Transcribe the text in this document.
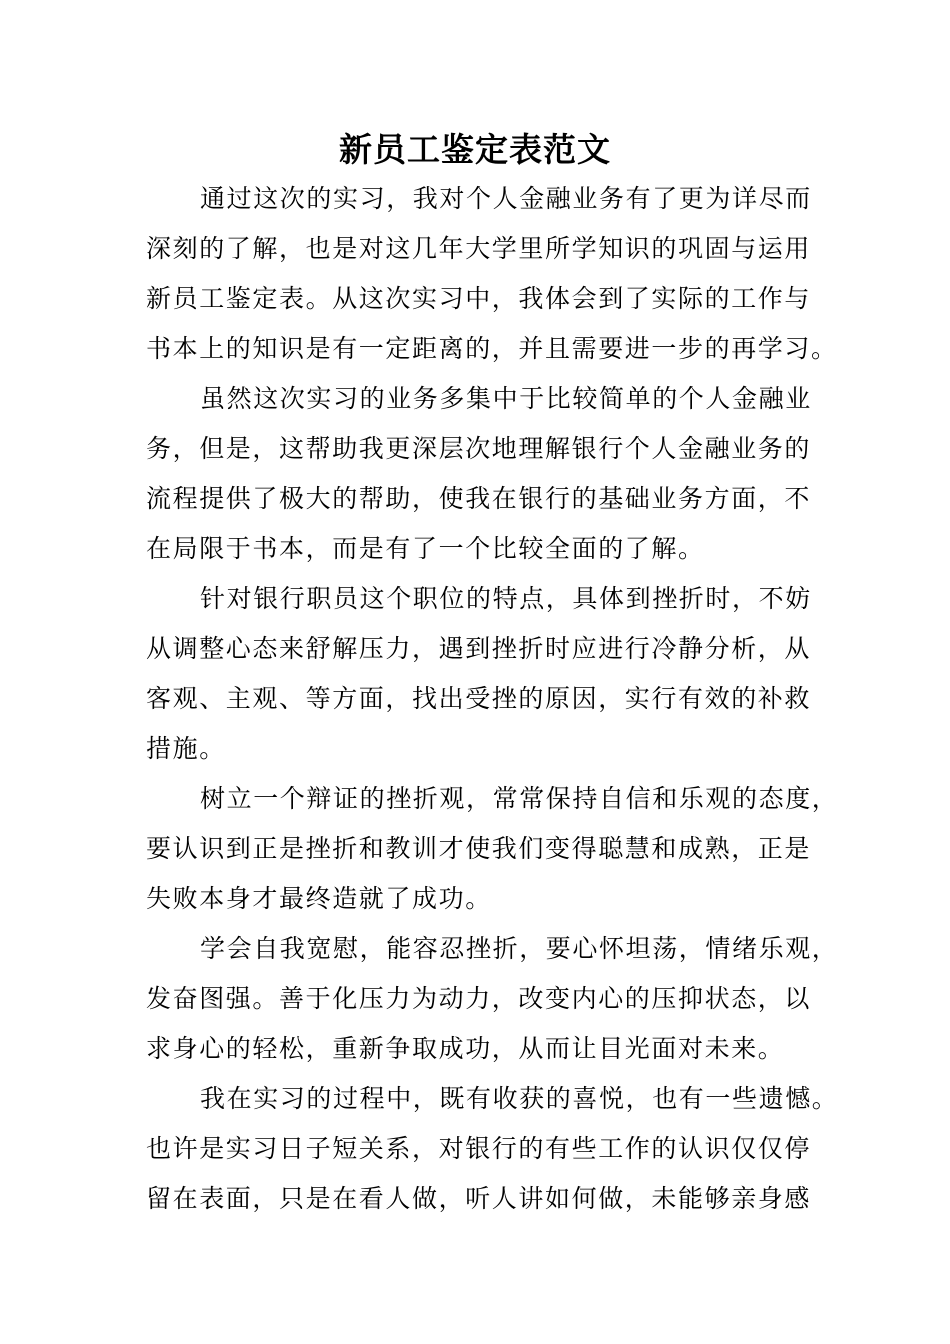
新员工鉴定表范文
通过这次的实习，我对个人金融业务有了更为详尽而
深刻的了解，也是对这几年大学里所学知识的巩固与运用
新员工鉴定表。从这次实习中，我体会到了实际的工作与
书本上的知识是有一定距离的，并且需要进一步的再学习。
虽然这次实习的业务多集中于比较简单的个人金融业
务，但是，这帮助我更深层次地理解银行个人金融业务的
流程提供了极大的帮助，使我在银行的基础业务方面，不
在局限于书本，而是有了一个比较全面的了解。
针对银行职员这个职位的特点，具体到挫折时，不妨
从调整心态来舒解压力，遇到挫折时应进行冷静分析，从
客观、主观、等方面，找出受挫的原因，实行有效的补救
措施。
树立一个辩证的挫折观，常常保持自信和乐观的态度，
要认识到正是挫折和教训才使我们变得聪慧和成熟，正是
失败本身才最终造就了成功。
学会自我宽慰，能容忍挫折，要心怀坦荡，情绪乐观，
发奋图强。善于化压力为动力，改变内心的压抑状态，以
求身心的轻松，重新争取成功，从而让目光面对未来。
我在实习的过程中，既有收获的喜悦，也有一些遗憾。
也许是实习日子短关系，对银行的有些工作的认识仅仅停
留在表面，只是在看人做，听人讲如何做，未能够亲身感
